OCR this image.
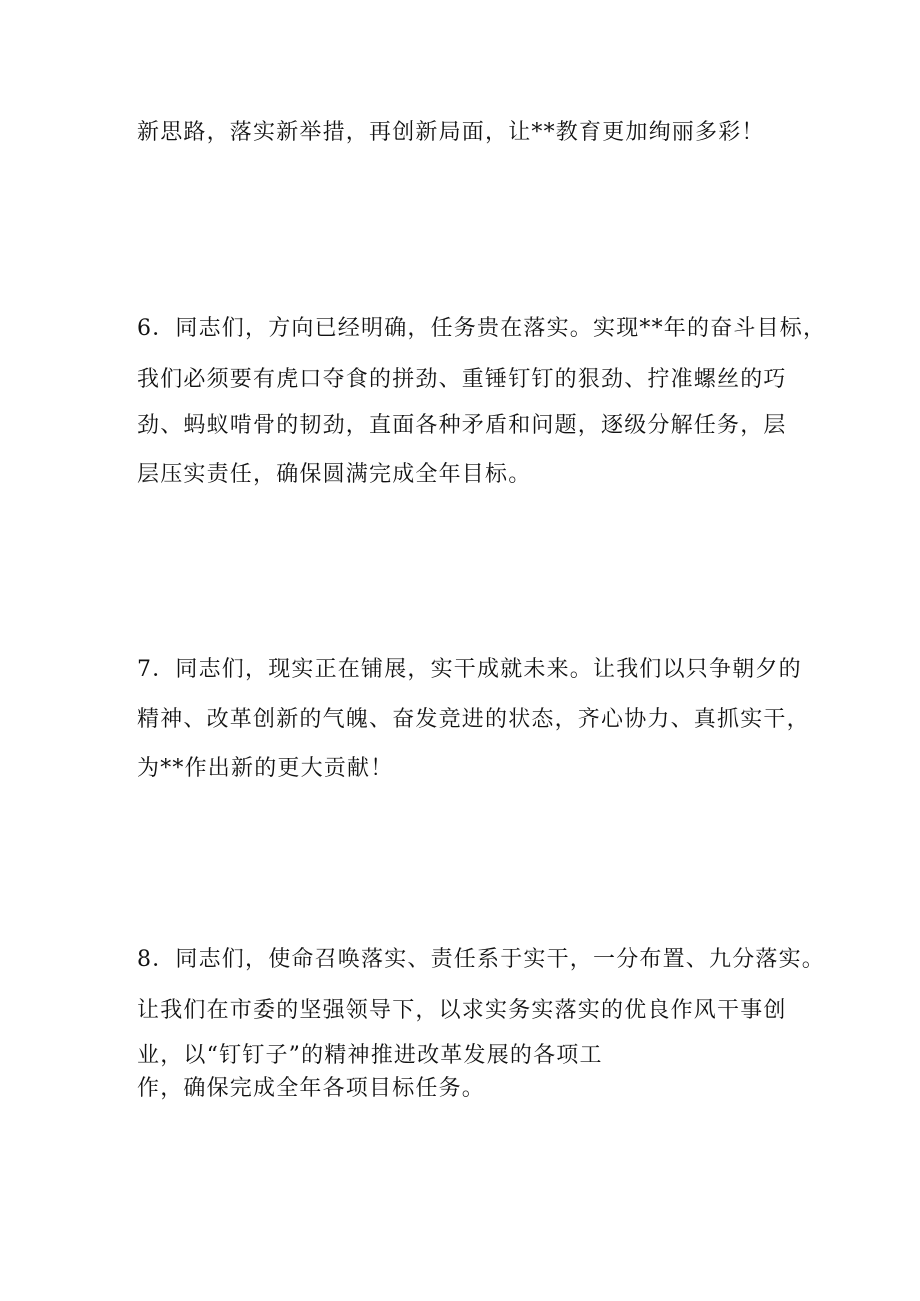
新思路，落实新举措，再创新局面，让**教育更加绚丽多彩！
6．同志们，方向已经明确，任务贵在落实。实现**年的奋斗目标，
我们必须要有虎口夺食的拼劲、重锤钉钉的狠劲、拧准螺丝的巧
劲、蚂蚁啃骨的韧劲，直面各种矛盾和问题，逐级分解任务，层
层压实责任，确保圆满完成全年目标。
7．同志们，现实正在铺展，实干成就未来。让我们以只争朝夕的
精神、改革创新的气魄、奋发竞进的状态，齐心协力、真抓实干，
为**作出新的更大贡献！
8．同志们，使命召唤落实、责任系于实干，一分布置、九分落实。
让我们在市委的坚强领导下，以求实务实落实的优良作风干事创
业，以“钉钉子”的精神推进改革发展的各项工
作，确保完成全年各项目标任务。
